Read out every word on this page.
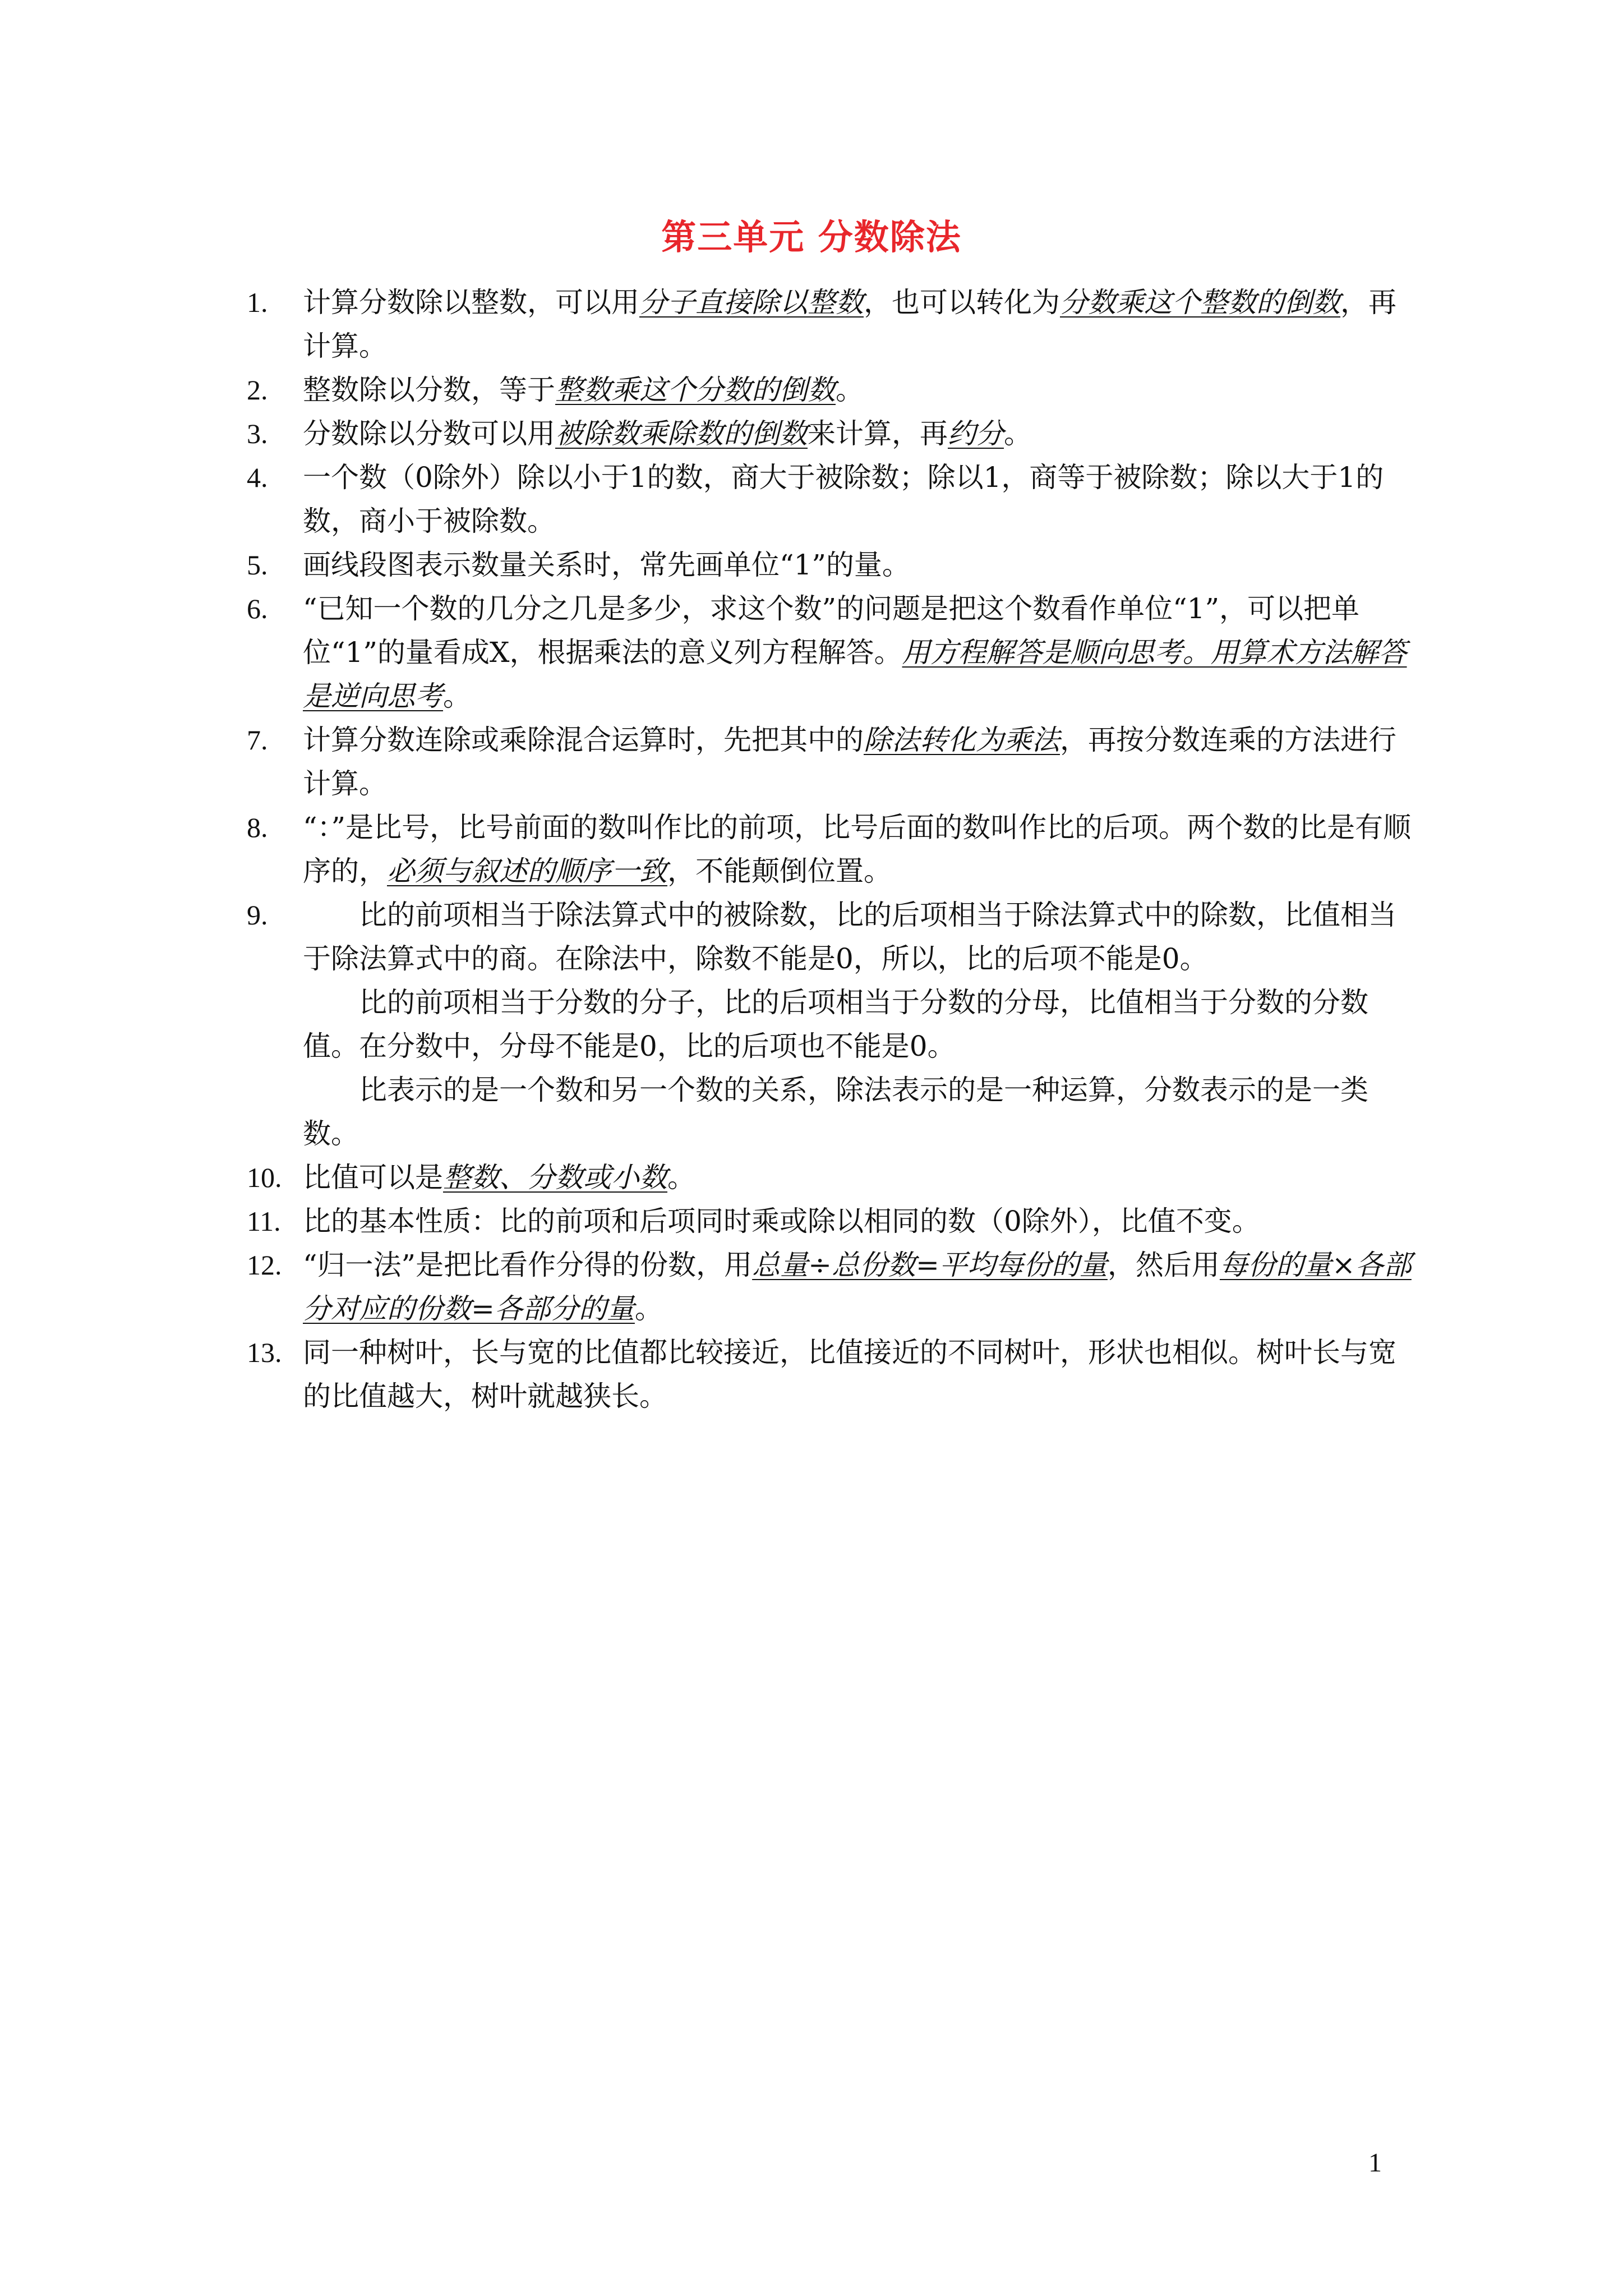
第三单元 分数除法
1.	计算分数除以整数，可以用分子直接除以整数，也可以转化为分数乘这个整数的倒数，再计算。
2.	整数除以分数，等于整数乘这个分数的倒数。
3.	分数除以分数可以用被除数乘除数的倒数来计算，再约分。
4.	一个数（0除外）除以小于1的数，商大于被除数；除以1，商等于被除数；除以大于1的数，商小于被除数。
5.	画线段图表示数量关系时，常先画单位“1”的量。
6.	“已知一个数的几分之几是多少，求这个数”的问题是把这个数看作单位“1”，可以把单位“1”的量看成X，根据乘法的意义列方程解答。用方程解答是顺向思考。用算术方法解答是逆向思考。
7.	计算分数连除或乘除混合运算时，先把其中的除法转化为乘法，再按分数连乘的方法进行计算。
8.	“：”是比号，比号前面的数叫作比的前项，比号后面的数叫作比的后项。两个数的比是有顺序的，必须与叙述的顺序一致，不能颠倒位置。
9.	比的前项相当于除法算式中的被除数，比的后项相当于除法算式中的除数，比值相当于除法算式中的商。在除法中，除数不能是0，所以，比的后项不能是0。
比的前项相当于分数的分子，比的后项相当于分数的分母，比值相当于分数的分数值。在分数中，分母不能是0，比的后项也不能是0。
比表示的是一个数和另一个数的关系，除法表示的是一种运算，分数表示的是一类数。
10. 比值可以是整数、分数或小数。
11. 比的基本性质：比的前项和后项同时乘或除以相同的数（0除外），比值不变。
12. “归一法”是把比看作分得的份数，用总量÷总份数=平均每份的量，然后用每份的量×各部分对应的份数=各部分的量。
13. 同一种树叶，长与宽的比值都比较接近，比值接近的不同树叶，形状也相似。树叶长与宽的比值越大，树叶就越狭长。
1
